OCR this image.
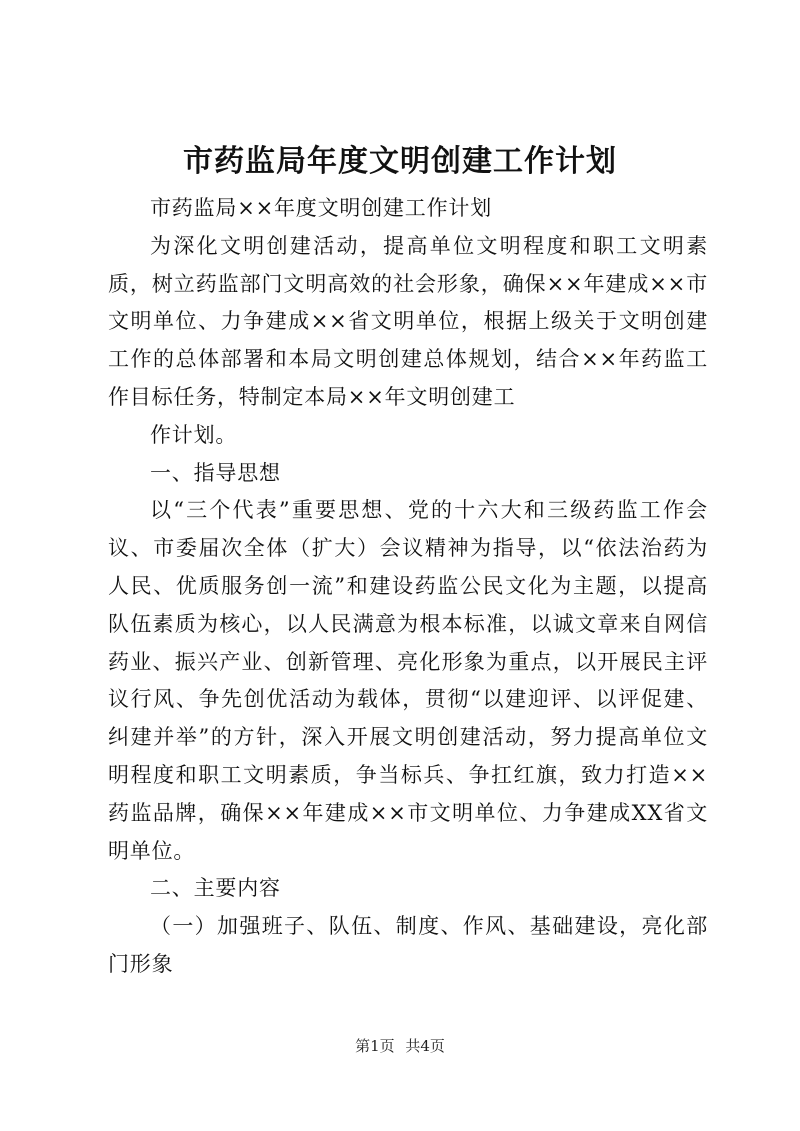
市药监局年度文明创建工作计划

市药监局××年度文明创建工作计划

为深化文明创建活动，提高单位文明程度和职工文明素质，树立药监部门文明高效的社会形象，确保××年建成××市文明单位、力争建成××省文明单位，根据上级关于文明创建工作的总体部署和本局文明创建总体规划，结合××年药监工作目标任务，特制定本局××年文明创建工

作计划。

一、指导思想

以“三个代表”重要思想、党的十六大和三级药监工作会议、市委届次全体（扩大）会议精神为指导，以“依法治药为人民、优质服务创一流”和建设药监公民文化为主题，以提高队伍素质为核心，以人民满意为根本标准，以诚文章来自网信药业、振兴产业、创新管理、亮化形象为重点，以开展民主评议行风、争先创优活动为载体，贯彻“以建迎评、以评促建、纠建并举”的方针，深入开展文明创建活动，努力提高单位文明程度和职工文明素质，争当标兵、争扛红旗，致力打造××药监品牌，确保××年建成××市文明单位、力争建成XX省文明单位。

二、主要内容

（一）加强班子、队伍、制度、作风、基础建设，亮化部门形象

第1页 共4页
